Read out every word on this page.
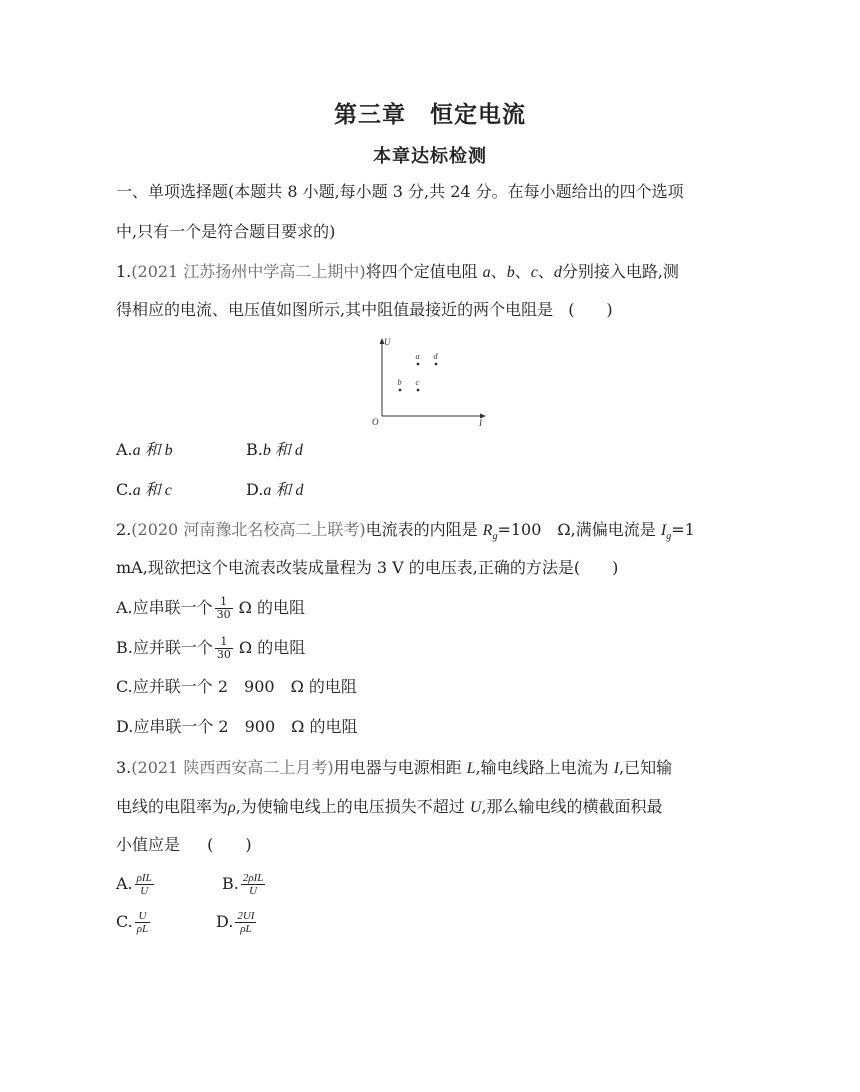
第三章　恒定电流
本章达标检测
一、单项选择题(本题共 8 小题,每小题 3 分,共 24 分。在每小题给出的四个选项
中,只有一个是符合题目要求的)
1.(2021 江苏扬州中学高二上期中)将四个定值电阻 a、b、c、d分别接入电路,测
得相应的电流、电压值如图所示,其中阻值最接近的两个电阻是 (　　)
U
I
O
a d
b c
A.a 和 b	B.b 和 d
C.a 和 c	D.a 和 d
2.(2020 河南豫北名校高二上联考)电流表的内阻是 $R_g=100$　Ω,满偏电流是 $I_g=1$
mA,现欲把这个电流表改装成量程为 3 V 的电压表,正确的方法是(　　)
A.应串联一个 $\frac{1}{30}$ Ω 的电阻
B.应并联一个 $\frac{1}{30}$ Ω 的电阻
C.应并联一个 2　900　Ω 的电阻
D.应串联一个 2　900　Ω 的电阻
3.(2021 陕西西安高二上月考)用电器与电源相距 L,输电线路上电流为 I,已知输
电线的电阻率为ρ,为使输电线上的电压损失不超过 U,那么输电线的横截面积最
小值应是 (　　)
A. $\frac{\text{ρIL}}{U}$	B. $\frac{\text{2ρIL}}{U}$
C. $\frac{U}{\rho L}$	D. $\frac{2UI}{\rho L}$
